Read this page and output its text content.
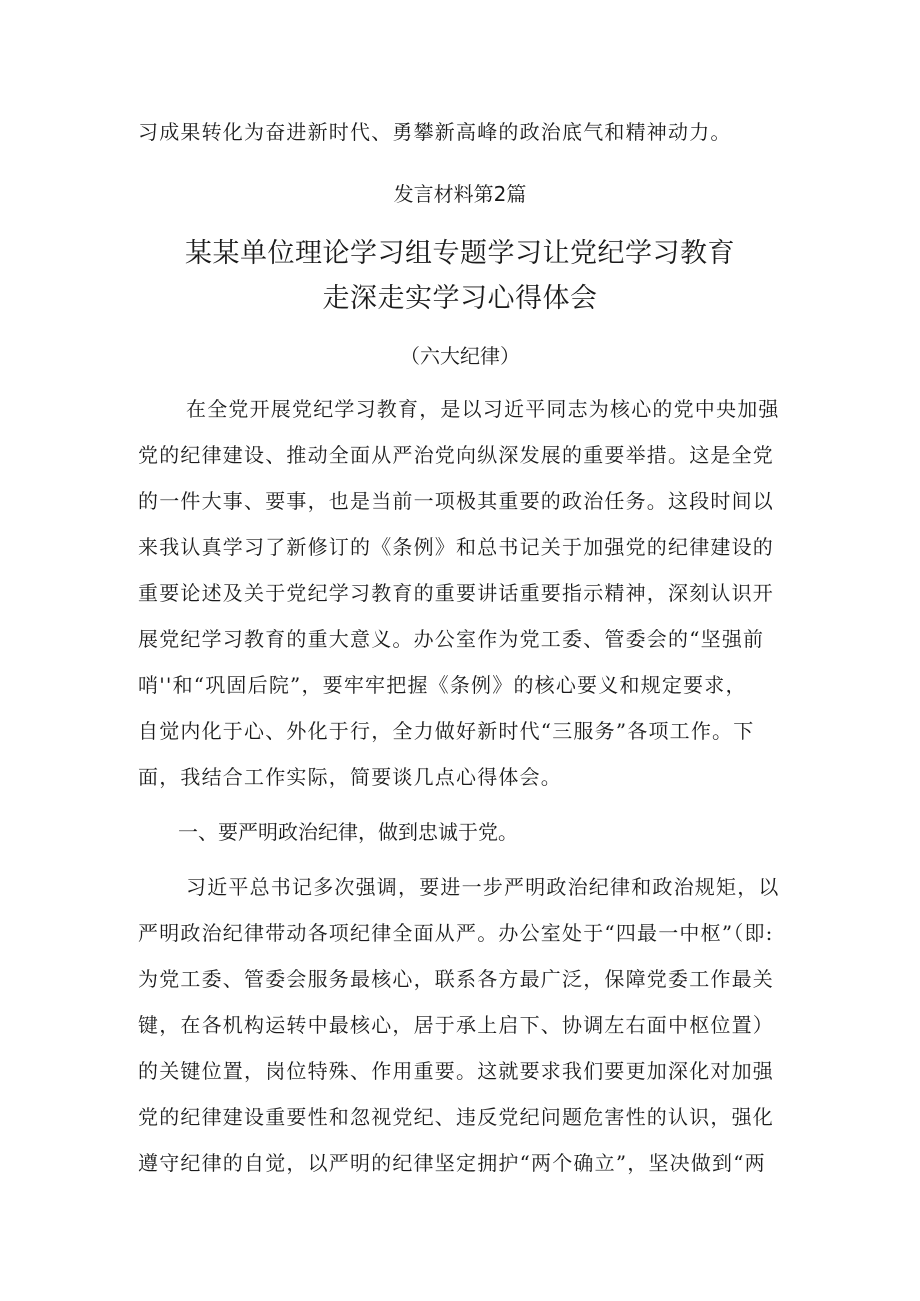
习成果转化为奋进新时代、勇攀新高峰的政治底气和精神动力。
发言材料第2篇
某某单位理论学习组专题学习让党纪学习教育
走深走实学习心得体会
（六大纪律）
在全党开展党纪学习教育，是以习近平同志为核心的党中央加强
党的纪律建设、推动全面从严治党向纵深发展的重要举措。这是全党
的一件大事、要事，也是当前一项极其重要的政治任务。这段时间以
来我认真学习了新修订的《条例》和总书记关于加强党的纪律建设的
重要论述及关于党纪学习教育的重要讲话重要指示精神，深刻认识开
展党纪学习教育的重大意义。办公室作为党工委、管委会的“坚强前
哨''和“巩固后院”，要牢牢把握《条例》的核心要义和规定要求，
自觉内化于心、外化于行，全力做好新时代“三服务”各项工作。下
面，我结合工作实际，简要谈几点心得体会。
一、要严明政治纪律，做到忠诚于党。
习近平总书记多次强调，要进一步严明政治纪律和政治规矩，以
严明政治纪律带动各项纪律全面从严。办公室处于“四最一中枢”（即:
为党工委、管委会服务最核心，联系各方最广泛，保障党委工作最关
键，在各机构运转中最核心，居于承上启下、协调左右面中枢位置）
的关键位置，岗位特殊、作用重要。这就要求我们要更加深化对加强
党的纪律建设重要性和忽视党纪、违反党纪问题危害性的认识，强化
遵守纪律的自觉，以严明的纪律坚定拥护“两个确立”，坚决做到“两
